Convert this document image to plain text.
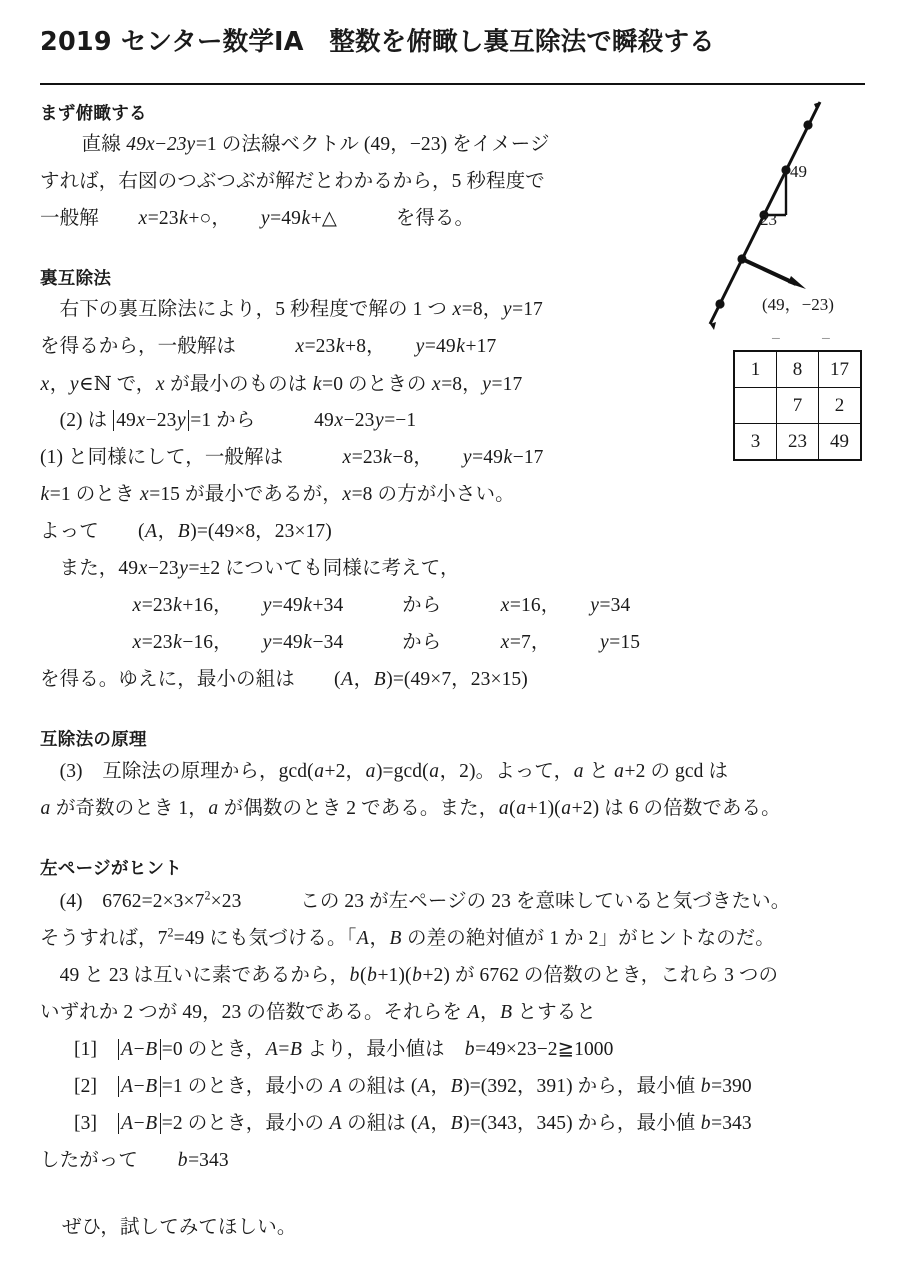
2019 センター数学ⅠA　整数を俯瞰し裏互除法で瞬殺する
まず俯瞰する
　直線 49x−23y=1 の法線ベクトル (49，−23) をイメージ
すれば，右図のつぶつぶが解だとわかるから，5 秒程度で
一般解　　x=23k+○，　　y=49k+△　　　を得る。
裏互除法
　右下の裏互除法により，5 秒程度で解の 1 つ x=8，y=17
を得るから，一般解は　　　x=23k+8，　　y=49k+17
x，y∈ℕ で，x が最小のものは k=0 のときの x=8，y=17
　(2) は 49x−23y =1 から　　　49x−23y=−1
(1) と同様にして，一般解は　　　x=23k−8，　　y=49k−17
k=1 のとき x=15 が最小であるが，x=8 の方が小さい。
よって　　(A，B)=(49×8，23×17)
　また，49x−23y=±2 についても同様に考えて，
x=23k+16，　　y=49k+34　　　から　　　x=16，　　y=34
x=23k−16，　　y=49k−34　　　から　　　x=7，　　　y=15
を得る。ゆえに，最小の組は　　(A，B)=(49×7，23×15)
互除法の原理
　(3)　互除法の原理から，gcd(a+2，a)=gcd(a，2)。よって，a と a+2 の gcd は
a が奇数のとき 1，a が偶数のとき 2 である。また，a(a+1)(a+2) は 6 の倍数である。
左ページがヒント
　(4)　$6762=2\times 3\times 7^2\times 23$　　　この 23 が左ページの 23 を意味していると気づきたい。
そうすれば，$7^2=49$ にも気づける。「A，B の差の絶対値が 1 か 2」がヒントなのだ。
　49 と 23 は互いに素であるから，b(b+1)(b+2) が 6762 の倍数のとき，これら 3 つの
いずれか 2 つが 49，23 の倍数である。それらを A，B とすると
[1]　A−B =0 のとき，A=B より，最小値は　b=49×23−2≧1000
[2]　A−B =1 のとき，最小の A の組は (A，B)=(392，391) から，最小値 b=390
[3]　A−B =2 のとき，最小の A の組は (A，B)=(343，345) から，最小値 b=343
したがって　　b=343
ぜひ，試してみてほしい。
49
23
(49，−23)
− −
1	8	17
	7	2
3	23	49
